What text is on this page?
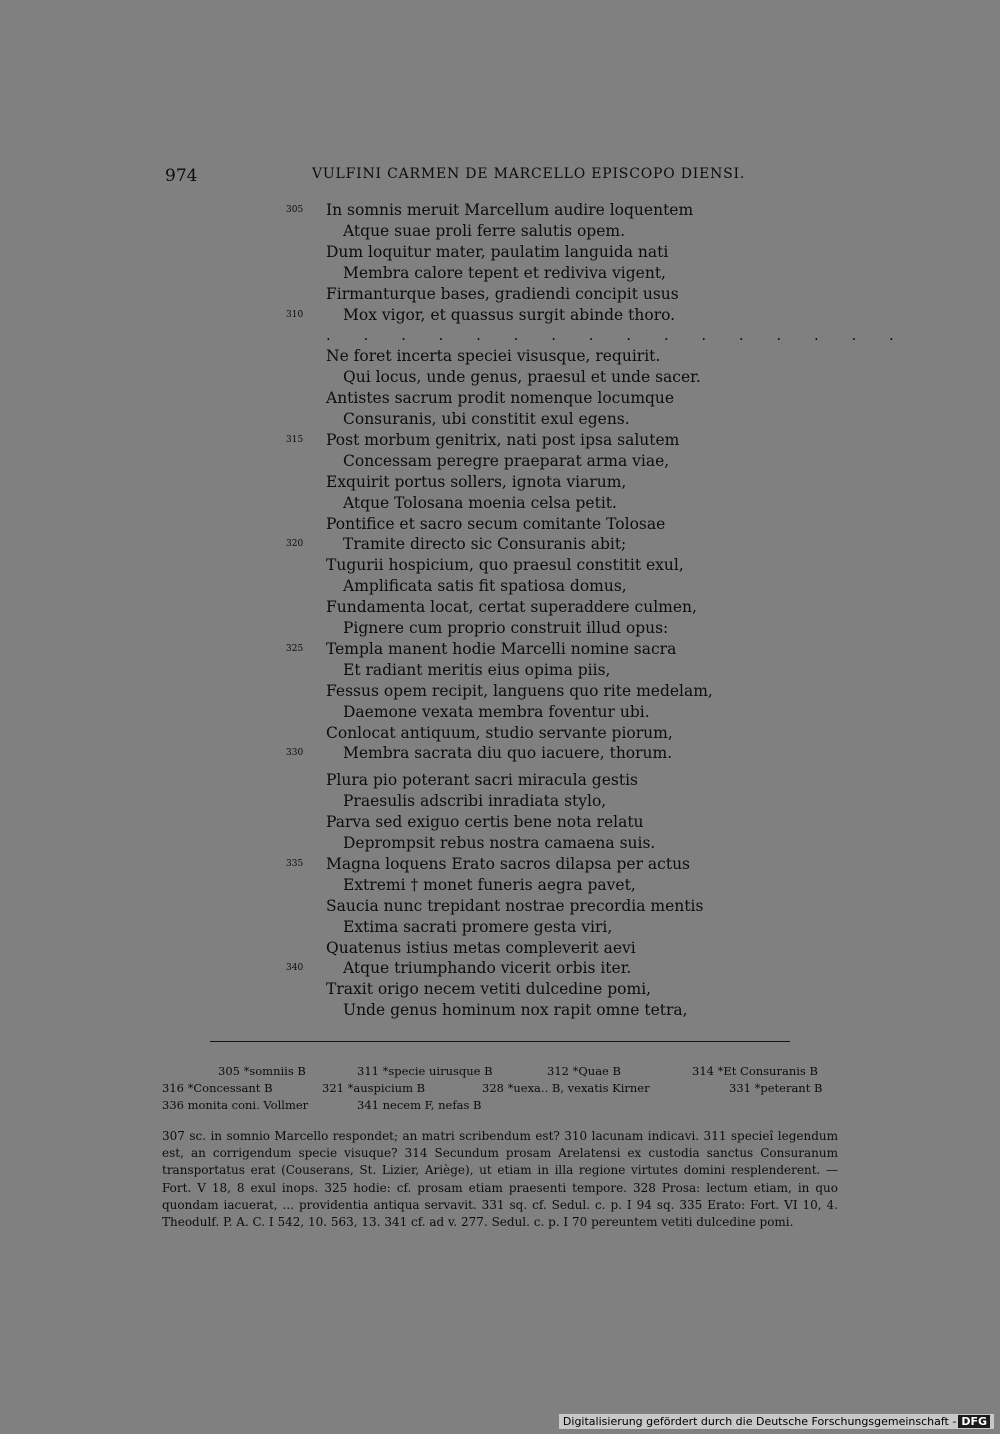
974	VULFINI CARMEN DE MARCELLO EPISCOPO DIENSI.
305	In somnis meruit Marcellum audire loquentem
Atque suae proli ferre salutis opem.
Dum loquitur mater, paulatim languida nati
Membra calore tepent et rediviva vigent,
Firmanturque bases, gradiendi concipit usus
310	Mox vigor, et quassus surgit abinde thoro.
Ne foret incerta speciei visusque, requirit.
Qui locus, unde genus, praesul et unde sacer.
Antistes sacrum prodit nomenque locumque
Consuranis, ubi constitit exul egens.
315	Post morbum genitrix, nati post ipsa salutem
Concessam peregre praeparat arma viae,
Exquirit portus sollers, ignota viarum,
Atque Tolosana moenia celsa petit.
Pontifice et sacro secum comitante Tolosae
320	Tramite directo sic Consuranis abit;
Tugurii hospicium, quo praesul constitit exul,
Amplificata satis fit spatiosa domus,
Fundamenta locat, certat superaddere culmen,
Pignere cum proprio construit illud opus:
325	Templa manent hodie Marcelli nomine sacra
Et radiant meritis eius opima piis,
Fessus opem recipit, languens quo rite medelam,
Daemone vexata membra foventur ubi.
Conlocat antiquum, studio servante piorum,
330	Membra sacrata diu quo iacuere, thorum.
Plura pio poterant sacri miracula gestis
Praesulis adscribi inradiata stylo,
Parva sed exiguo certis bene nota relatu
Deprompsit rebus nostra camaena suis.
335	Magna loquens Erato sacros dilapsa per actus
Extremi † monet funeris aegra pavet,
Saucia nunc trepidant nostrae precordia mentis
Extima sacrati promere gesta viri,
Quatenus istius metas compleverit aevi
340	Atque triumphando vicerit orbis iter.
Traxit origo necem vetiti dulcedine pomi,
Unde genus hominum nox rapit omne tetra,
. . . . . . . . . . . . . . . .
305 *somniis B	311 *specie uirusque B	312 *Quae B	314 *Et Consuranis B
316 *Concessant B	321 *auspicium B	328 *uexa.. B, vexatis Kirner	331 *peterant B
336 monita coni. Vollmer	341 necem F, nefas B

307 sc. in somnio Marcello respondet; an matri scribendum est? 310 lacunam indicavi. 311 specieî legendum est, an corrigendum specie visuque? 314 Secundum prosam Arelatensi ex custodia sanctus Consuranum transportatus erat (Couserans, St. Lizier, Ariège), ut etiam in illa regione virtutes domini resplenderent. — Fort. V 18, 8 exul inops. 325 hodie: cf. prosam etiam praesenti tempore. 328 Prosa: lectum etiam, in quo quondam iacuerat, ... providentia antiqua servavit. 331 sq. cf. Sedul. c. p. I 94 sq. 335 Erato: Fort. VI 10, 4. Theodulf. P. A. C. I 542, 10. 563, 13. 341 cf. ad v. 277. Sedul. c. p. I 70 pereuntem vetiti dulcedine pomi.

Digitalisierung gefördert durch die Deutsche Forschungsgemeinschaft - DFG
